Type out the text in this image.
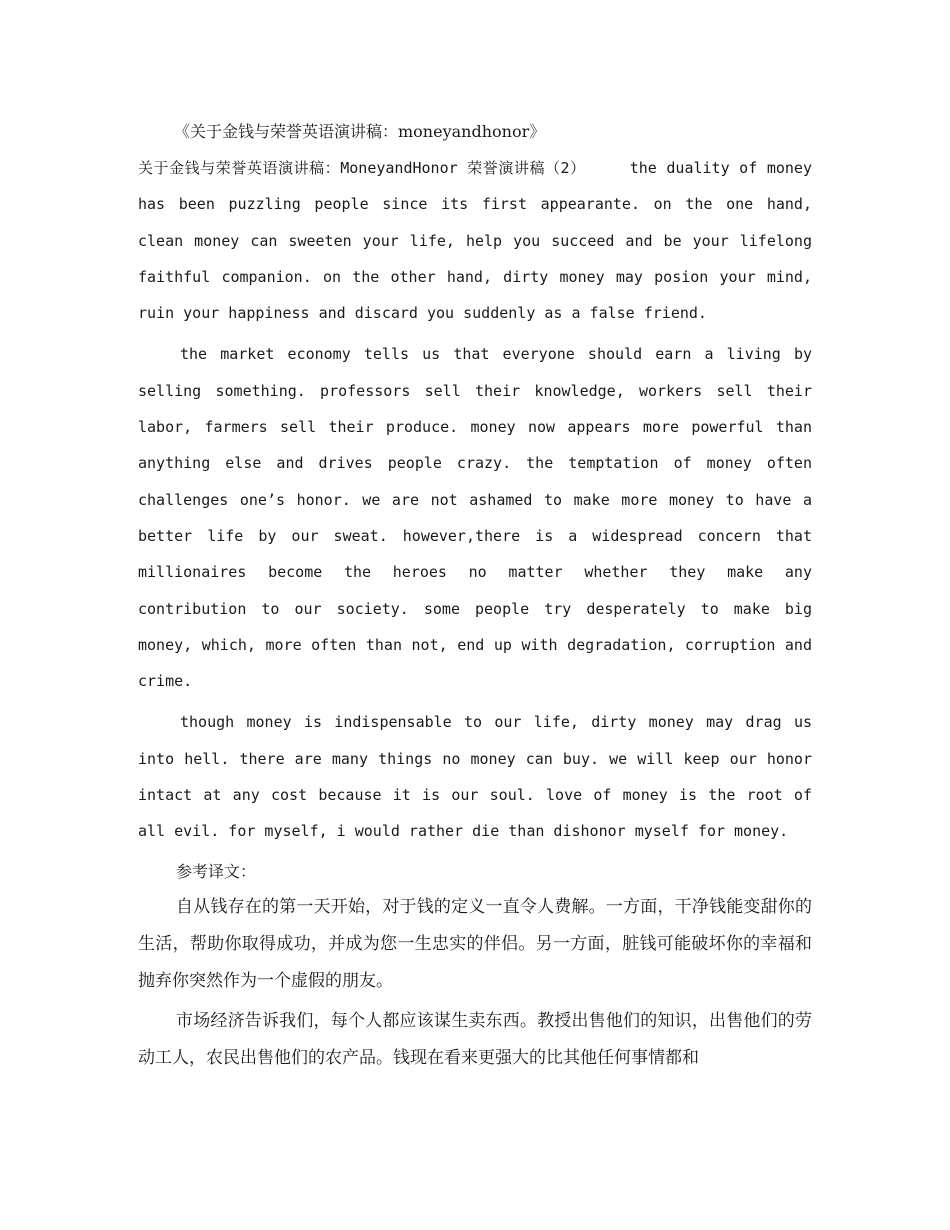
《关于金钱与荣誉英语演讲稿：moneyandhonor》

关于金钱与荣誉英语演讲稿：MoneyandHonor 荣誉演讲稿（2）	the duality of money has been puzzling people since its first appearante. on the one hand, clean money can sweeten your life, help you succeed and be your lifelong faithful companion. on the other hand, dirty money may posion your mind, ruin your happiness and discard you suddenly as a false friend.

the market economy tells us that everyone should earn a living by selling something. professors sell their knowledge, workers sell their labor, farmers sell their produce. money now appears more powerful than anything else and drives people crazy. the temptation of money often challenges one’s honor. we are not ashamed to make more money to have a better life by our sweat. however,there is a widespread concern that millionaires become the heroes no matter whether they make any contribution to our society. some people try desperately to make big money, which, more often than not, end up with degradation, corruption and crime.

though money is indispensable to our life, dirty money may drag us into hell. there are many things no money can buy. we will keep our honor intact at any cost because it is our soul. love of money is the root of all evil. for myself, i would rather die than dishonor myself for money.

参考译文：

自从钱存在的第一天开始，对于钱的定义一直令人费解。一方面，干净钱能变甜你的生活，帮助你取得成功，并成为您一生忠实的伴侣。另一方面，脏钱可能破坏你的幸福和抛弃你突然作为一个虚假的朋友。

市场经济告诉我们，每个人都应该谋生卖东西。教授出售他们的知识，出售他们的劳动工人，农民出售他们的农产品。钱现在看来更强大的比其他任何事情都和
